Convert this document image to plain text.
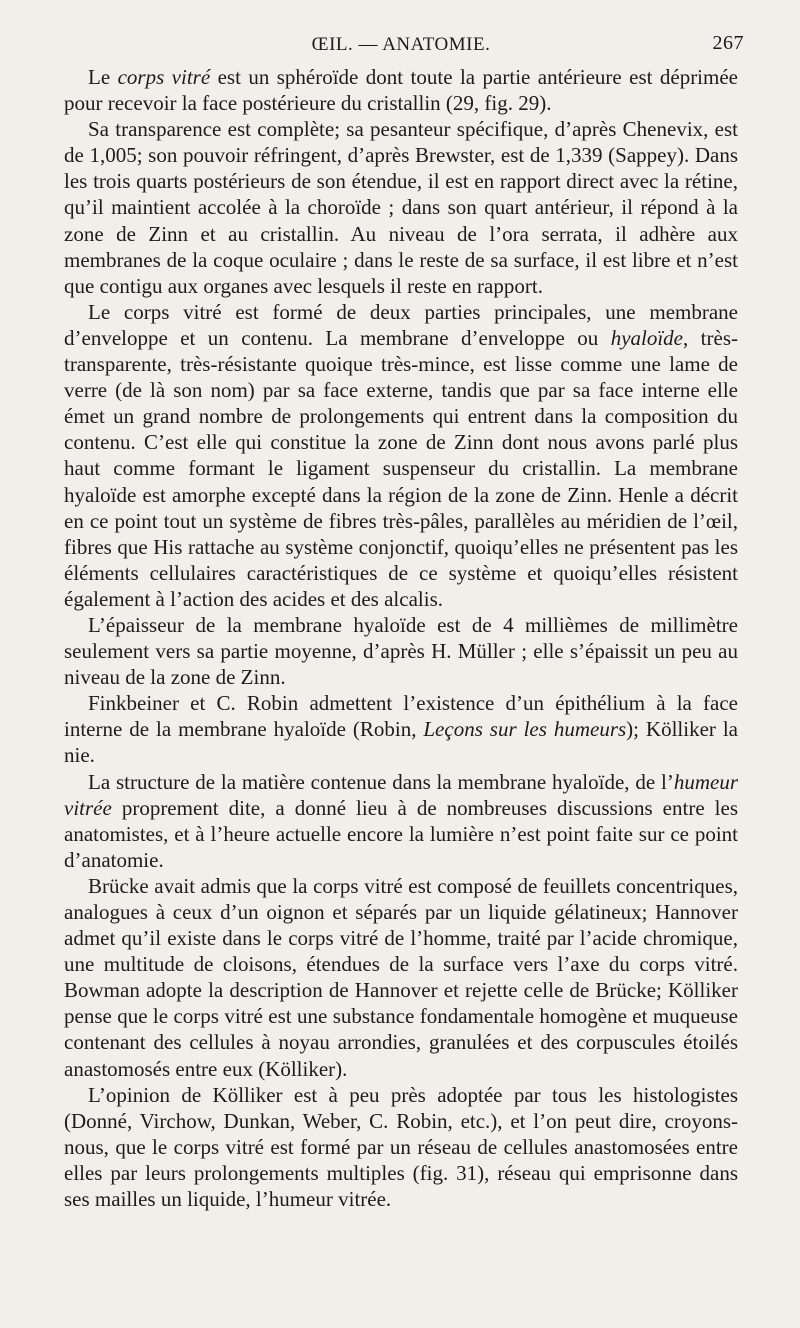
ŒIL. — ANATOMIE.	267

Le corps vitré est un sphéroïde dont toute la partie antérieure est déprimée pour recevoir la face postérieure du cristallin (29, fig. 29).

Sa transparence est complète; sa pesanteur spécifique, d’après Chenevix, est de 1,005; son pouvoir réfringent, d’après Brewster, est de 1,339 (Sappey). Dans les trois quarts postérieurs de son étendue, il est en rapport direct avec la rétine, qu’il maintient accolée à la choroïde ; dans son quart antérieur, il répond à la zone de Zinn et au cristallin. Au niveau de l’ora serrata, il adhère aux membranes de la coque oculaire ; dans le reste de sa surface, il est libre et n’est que contigu aux organes avec lesquels il reste en rapport.

Le corps vitré est formé de deux parties principales, une membrane d’enveloppe et un contenu. La membrane d’enveloppe ou hyaloïde, très-transparente, très-résistante quoique très-mince, est lisse comme une lame de verre (de là son nom) par sa face externe, tandis que par sa face interne elle émet un grand nombre de prolongements qui entrent dans la composition du contenu. C’est elle qui constitue la zone de Zinn dont nous avons parlé plus haut comme formant le ligament suspenseur du cristallin. La membrane hyaloïde est amorphe excepté dans la région de la zone de Zinn. Henle a décrit en ce point tout un système de fibres très-pâles, parallèles au méridien de l’œil, fibres que His rattache au système conjonctif, quoiqu’elles ne présentent pas les éléments cellulaires caractéristiques de ce système et quoiqu’elles résistent également à l’action des acides et des alcalis.

L’épaisseur de la membrane hyaloïde est de 4 millièmes de millimètre seulement vers sa partie moyenne, d’après H. Müller ; elle s’épaissit un peu au niveau de la zone de Zinn.

Finkbeiner et C. Robin admettent l’existence d’un épithélium à la face interne de la membrane hyaloïde (Robin, Leçons sur les humeurs); Kölliker la nie.

La structure de la matière contenue dans la membrane hyaloïde, de l’humeur vitrée proprement dite, a donné lieu à de nombreuses discussions entre les anatomistes, et à l’heure actuelle encore la lumière n’est point faite sur ce point d’anatomie.

Brücke avait admis que la corps vitré est composé de feuillets concentriques, analogues à ceux d’un oignon et séparés par un liquide gélatineux; Hannover admet qu’il existe dans le corps vitré de l’homme, traité par l’acide chromique, une multitude de cloisons, étendues de la surface vers l’axe du corps vitré. Bowman adopte la description de Hannover et rejette celle de Brücke; Kölliker pense que le corps vitré est une substance fondamentale homogène et muqueuse contenant des cellules à noyau arrondies, granulées et des corpuscules étoilés anastomosés entre eux (Kölliker).

L’opinion de Kölliker est à peu près adoptée par tous les histologistes (Donné, Virchow, Dunkan, Weber, C. Robin, etc.), et l’on peut dire, croyons-nous, que le corps vitré est formé par un réseau de cellules anastomosées entre elles par leurs prolongements multiples (fig. 31), réseau qui emprisonne dans ses mailles un liquide, l’humeur vitrée.
